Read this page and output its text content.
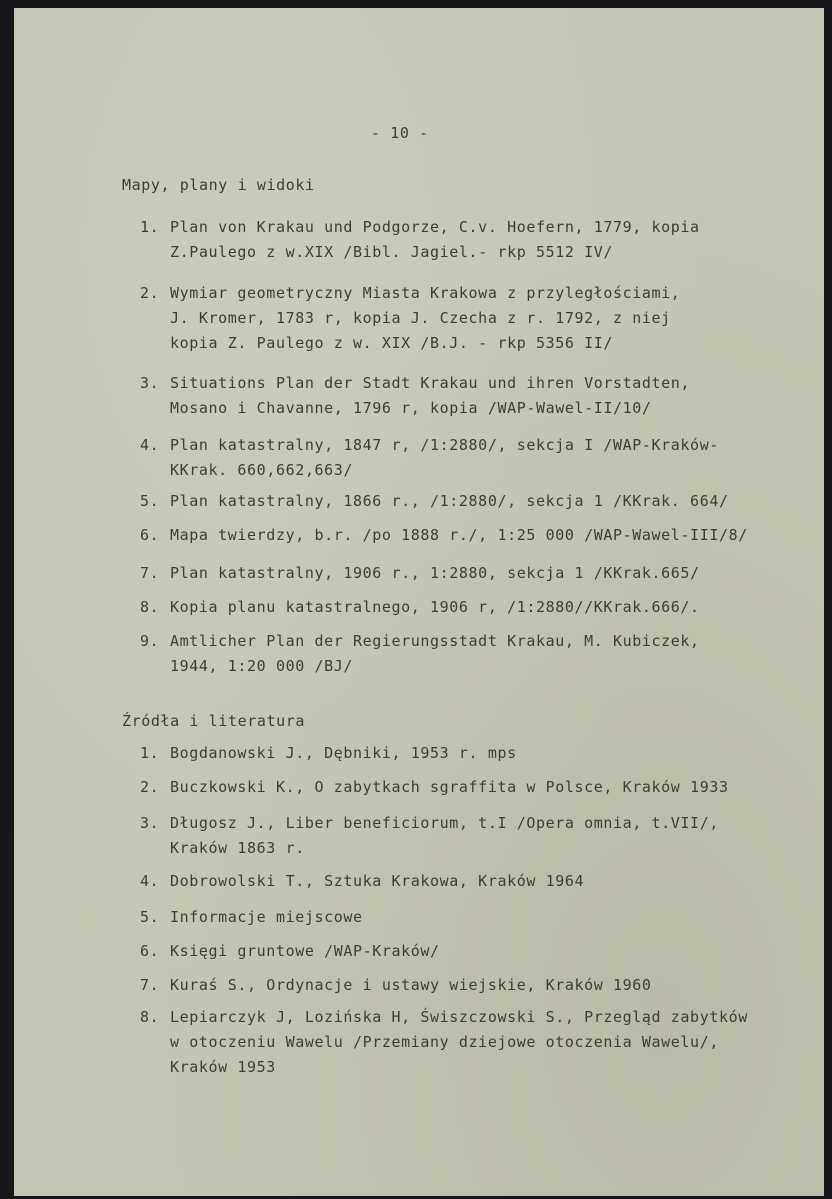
- 10 -
Mapy, plany i widoki
1. Plan von Krakau und Podgorze, C.v. Hoefern, 1779, kopia
Z.Paulego z w.XIX /Bibl. Jagiel.- rkp 5512 IV/
2. Wymiar geometryczny Miasta Krakowa z przyległościami,
J. Kromer, 1783 r, kopia J. Czecha z r. 1792, z niej
kopia Z. Paulego z w. XIX /B.J. - rkp 5356 II/
3. Situations Plan der Stadt Krakau und ihren Vorstadten,
Mosano i Chavanne, 1796 r, kopia /WAP-Wawel-II/10/
4. Plan katastralny, 1847 r, /1:2880/, sekcja I /WAP-Kraków-
KKrak. 660,662,663/
5. Plan katastralny, 1866 r., /1:2880/, sekcja 1 /KKrak. 664/
6. Mapa twierdzy, b.r. /po 1888 r./, 1:25 000 /WAP-Wawel-III/8/
7. Plan katastralny, 1906 r., 1:2880, sekcja 1 /KKrak.665/
8. Kopia planu katastralnego, 1906 r, /1:2880//KKrak.666/.
9. Amtlicher Plan der Regierungsstadt Krakau, M. Kubiczek,
1944, 1:20 000 /BJ/
Źródła i literatura
1. Bogdanowski J., Dębniki, 1953 r. mps
2. Buczkowski K., O zabytkach sgraffita w Polsce, Kraków 1933
3. Długosz J., Liber beneficiorum, t.I /Opera omnia, t.VII/,
Kraków 1863 r.
4. Dobrowolski T., Sztuka Krakowa, Kraków 1964
5. Informacje miejscowe
6. Księgi gruntowe /WAP-Kraków/
7. Kuraś S., Ordynacje i ustawy wiejskie, Kraków 1960
8. Lepiarczyk J, Lozińska H, Świszczowski S., Przegląd zabytków
w otoczeniu Wawelu /Przemiany dziejowe otoczenia Wawelu/,
Kraków 1953
